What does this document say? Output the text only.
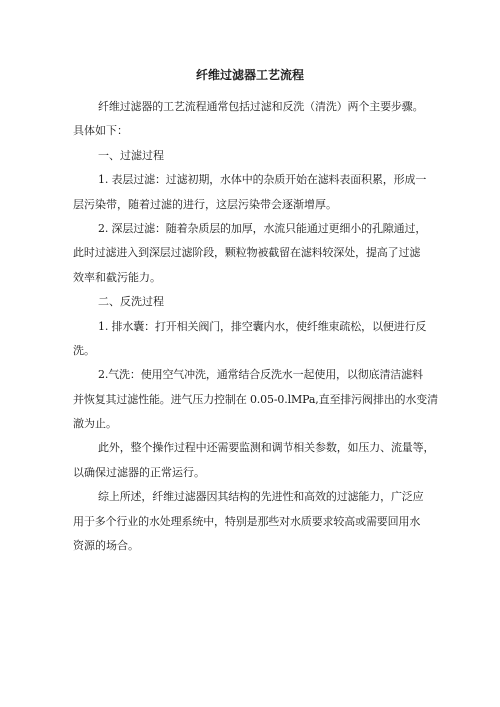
纤维过滤器工艺流程
纤维过滤器的工艺流程通常包括过滤和反洗（清洗）两个主要步骤。
具体如下：
一、过滤过程
1. 表层过滤：过滤初期，水体中的杂质开始在滤料表面积累，形成一
层污染带，随着过滤的进行，这层污染带会逐渐增厚。
2. 深层过滤：随着杂质层的加厚，水流只能通过更细小的孔隙通过，
此时过滤进入到深层过滤阶段，颗粒物被截留在滤料较深处，提高了过滤
效率和截污能力。
二、反洗过程
1. 排水囊：打开相关阀门，排空囊内水，使纤维束疏松，以便进行反
洗。
2.气洗：使用空气冲洗，通常结合反洗水一起使用，以彻底清洁滤料
并恢复其过滤性能。进气压力控制在 0.05-0.lMPa,直至排污阀排出的水变清
澈为止。
此外，整个操作过程中还需要监测和调节相关参数，如压力、流量等，
以确保过滤器的正常运行。
综上所述，纤维过滤器因其结构的先进性和高效的过滤能力，广泛应
用于多个行业的水处理系统中，特别是那些对水质要求较高或需要回用水
资源的场合。
